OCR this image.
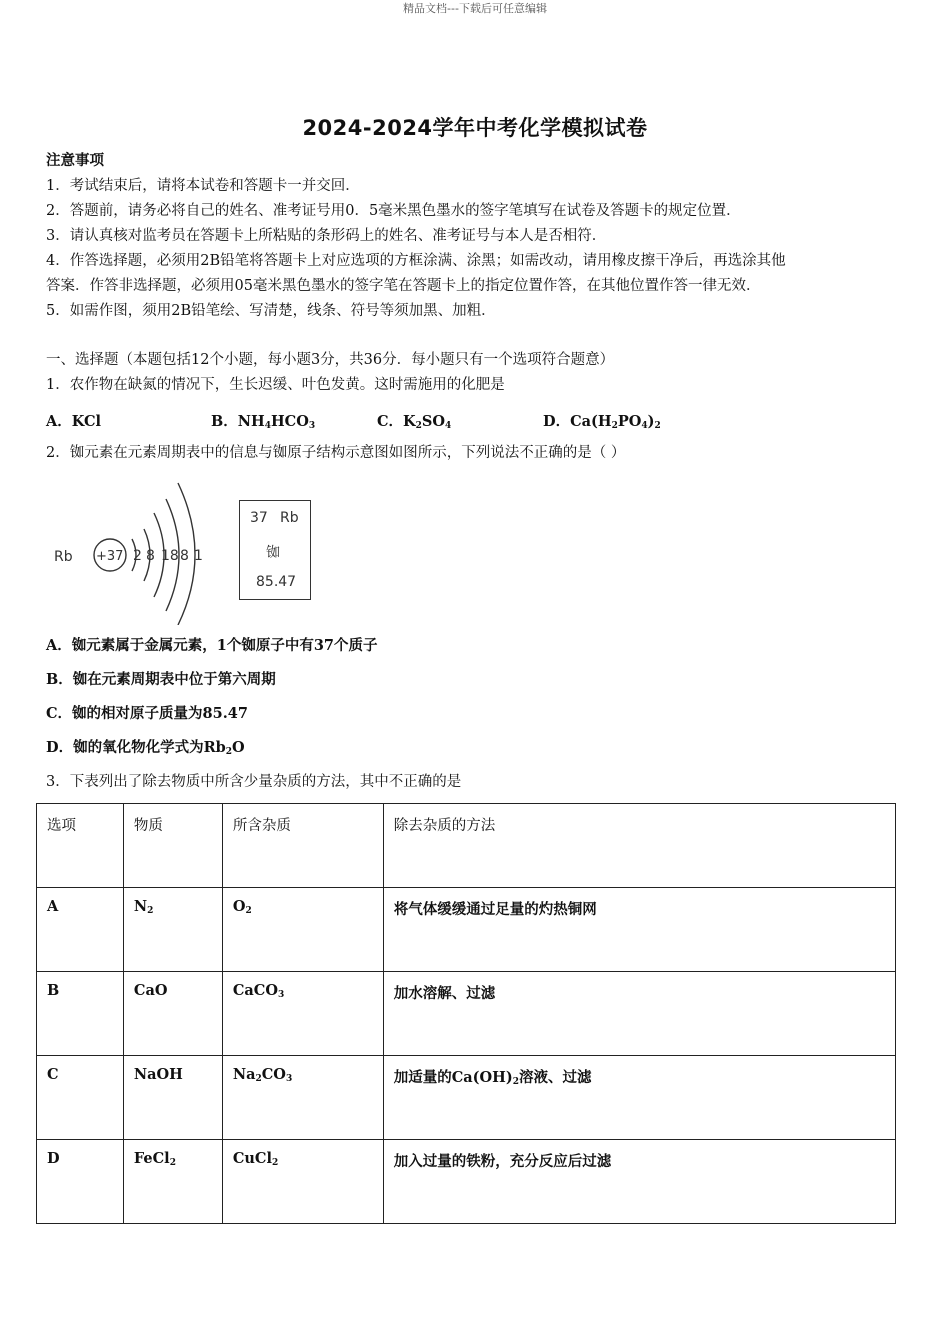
精品文档---下载后可任意编辑
2024-2024学年中考化学模拟试卷
注意事项
1．考试结束后，请将本试卷和答题卡一并交回．
2．答题前，请务必将自己的姓名、准考证号用0．5毫米黑色墨水的签字笔填写在试卷及答题卡的规定位置．
3．请认真核对监考员在答题卡上所粘贴的条形码上的姓名、准考证号与本人是否相符．
4．作答选择题，必须用2B铅笔将答题卡上对应选项的方框涂满、涂黑；如需改动，请用橡皮擦干净后，再选涂其他
答案．作答非选择题，必须用05毫米黑色墨水的签字笔在答题卡上的指定位置作答，在其他位置作答一律无效．
5．如需作图，须用2B铅笔绘、写清楚，线条、符号等须加黑、加粗．
一、选择题（本题包括12个小题，每小题3分，共36分．每小题只有一个选项符合题意）
1．农作物在缺氮的情况下，生长迟缓、叶色发黄。这时需施用的化肥是
A．KCl	B．$NH_4HCO_3$	C．$K_2SO_4$	D．$Ca(H_2PO_4)_2$
2．铷元素在元素周期表中的信息与铷原子结构示意图如图所示，下列说法不正确的是（ ）
Rb +37 2 8 18 8 1
37 Rb
铷
85.47
A．铷元素属于金属元素，1个铷原子中有37个质子
B．铷在元素周期表中位于第六周期
C．铷的相对原子质量为85.47
D．铷的氧化物化学式为$Rb_2O$
3．下表列出了除去物质中所含少量杂质的方法，其中不正确的是
选项	物质	所含杂质	除去杂质的方法
A	$N_2$	$O_2$	将气体缓缓通过足量的灼热铜网
B	CaO	CaCO$_3$	加水溶解、过滤
C	NaOH	$Na_2CO_3$	加适量的$Ca(OH)_2$溶液、过滤
D	FeCl$_2$	CuCl$_2$	加入过量的铁粉，充分反应后过滤
